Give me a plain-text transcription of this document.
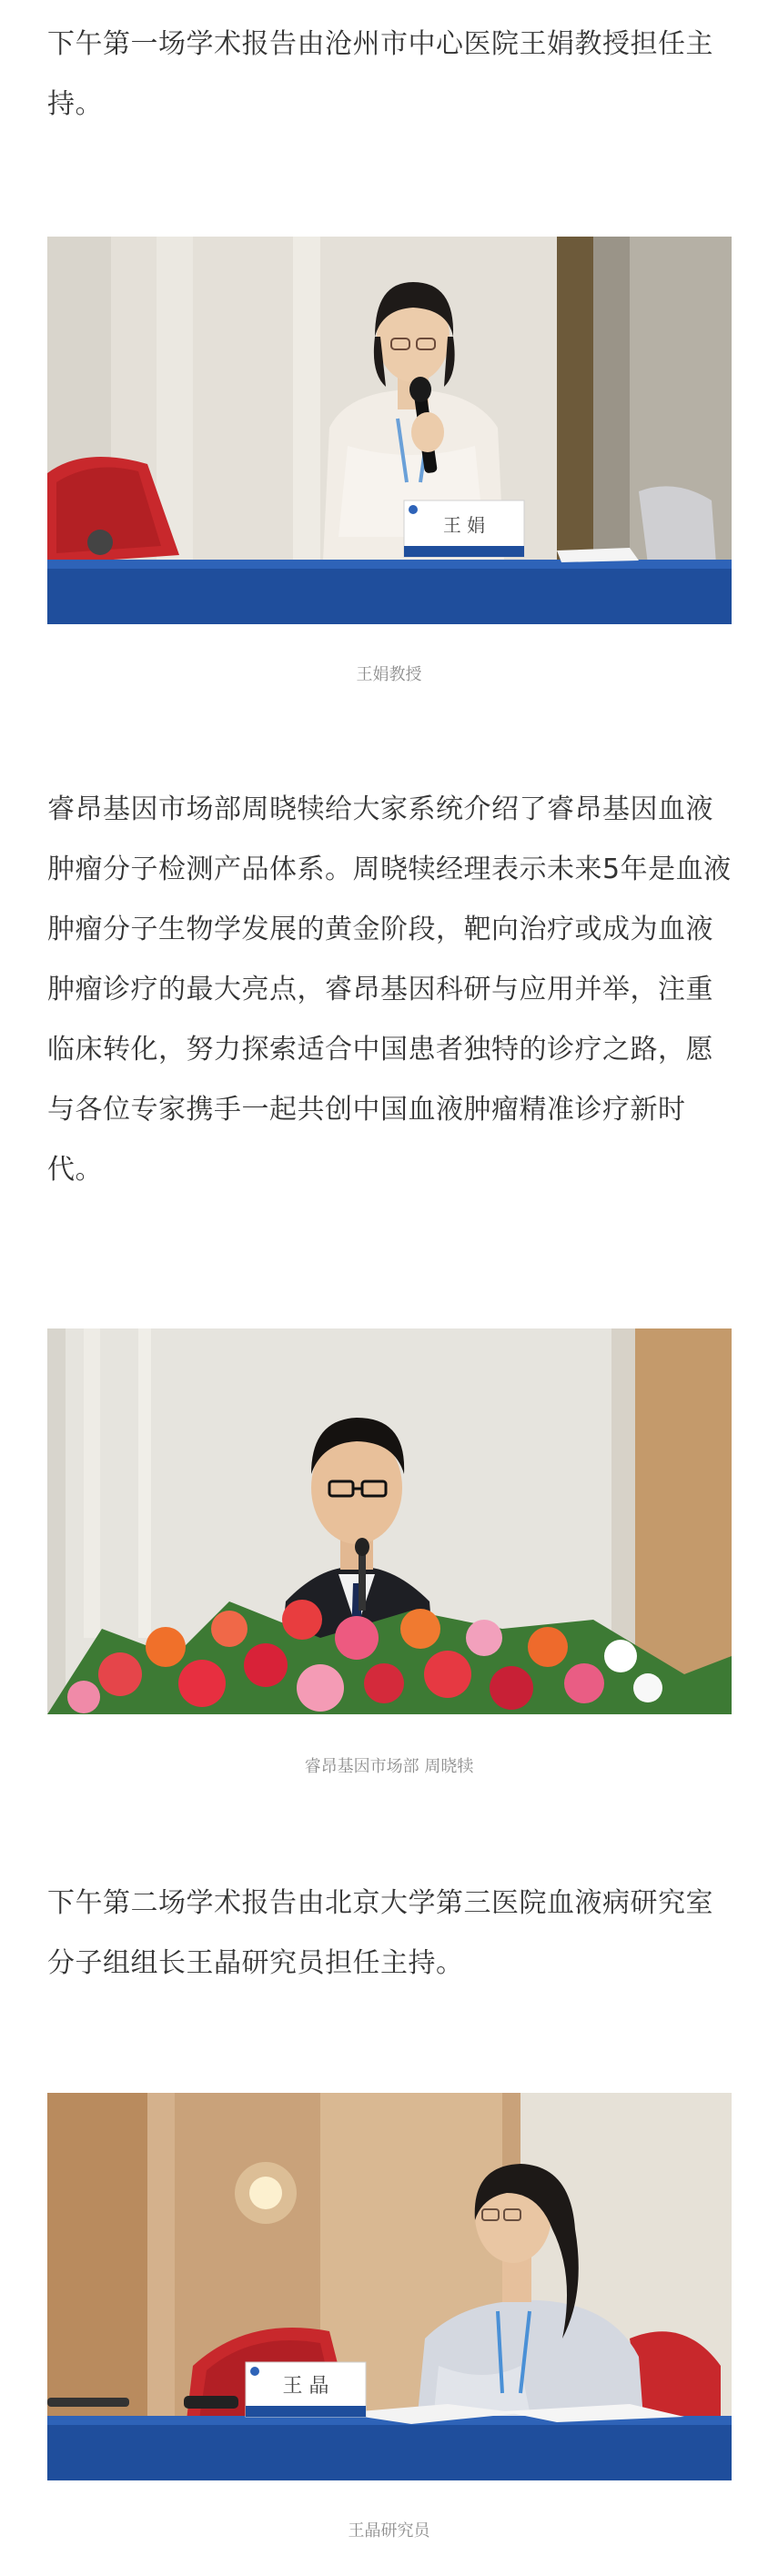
下午第一场学术报告由沧州市中心医院王娟教授担任主持。

王 娟
王娟教授

睿昂基因市场部周晓犊给大家系统介绍了睿昂基因血液肿瘤分子检测产品体系。周晓犊经理表示未来5年是血液肿瘤分子生物学发展的黄金阶段，靶向治疗或成为血液肿瘤诊疗的最大亮点，睿昂基因科研与应用并举，注重临床转化，努力探索适合中国患者独特的诊疗之路，愿与各位专家携手一起共创中国血液肿瘤精准诊疗新时代。

睿昂基因市场部 周晓犊

下午第二场学术报告由北京大学第三医院血液病研究室分子组组长王晶研究员担任主持。

王 晶
王晶研究员
